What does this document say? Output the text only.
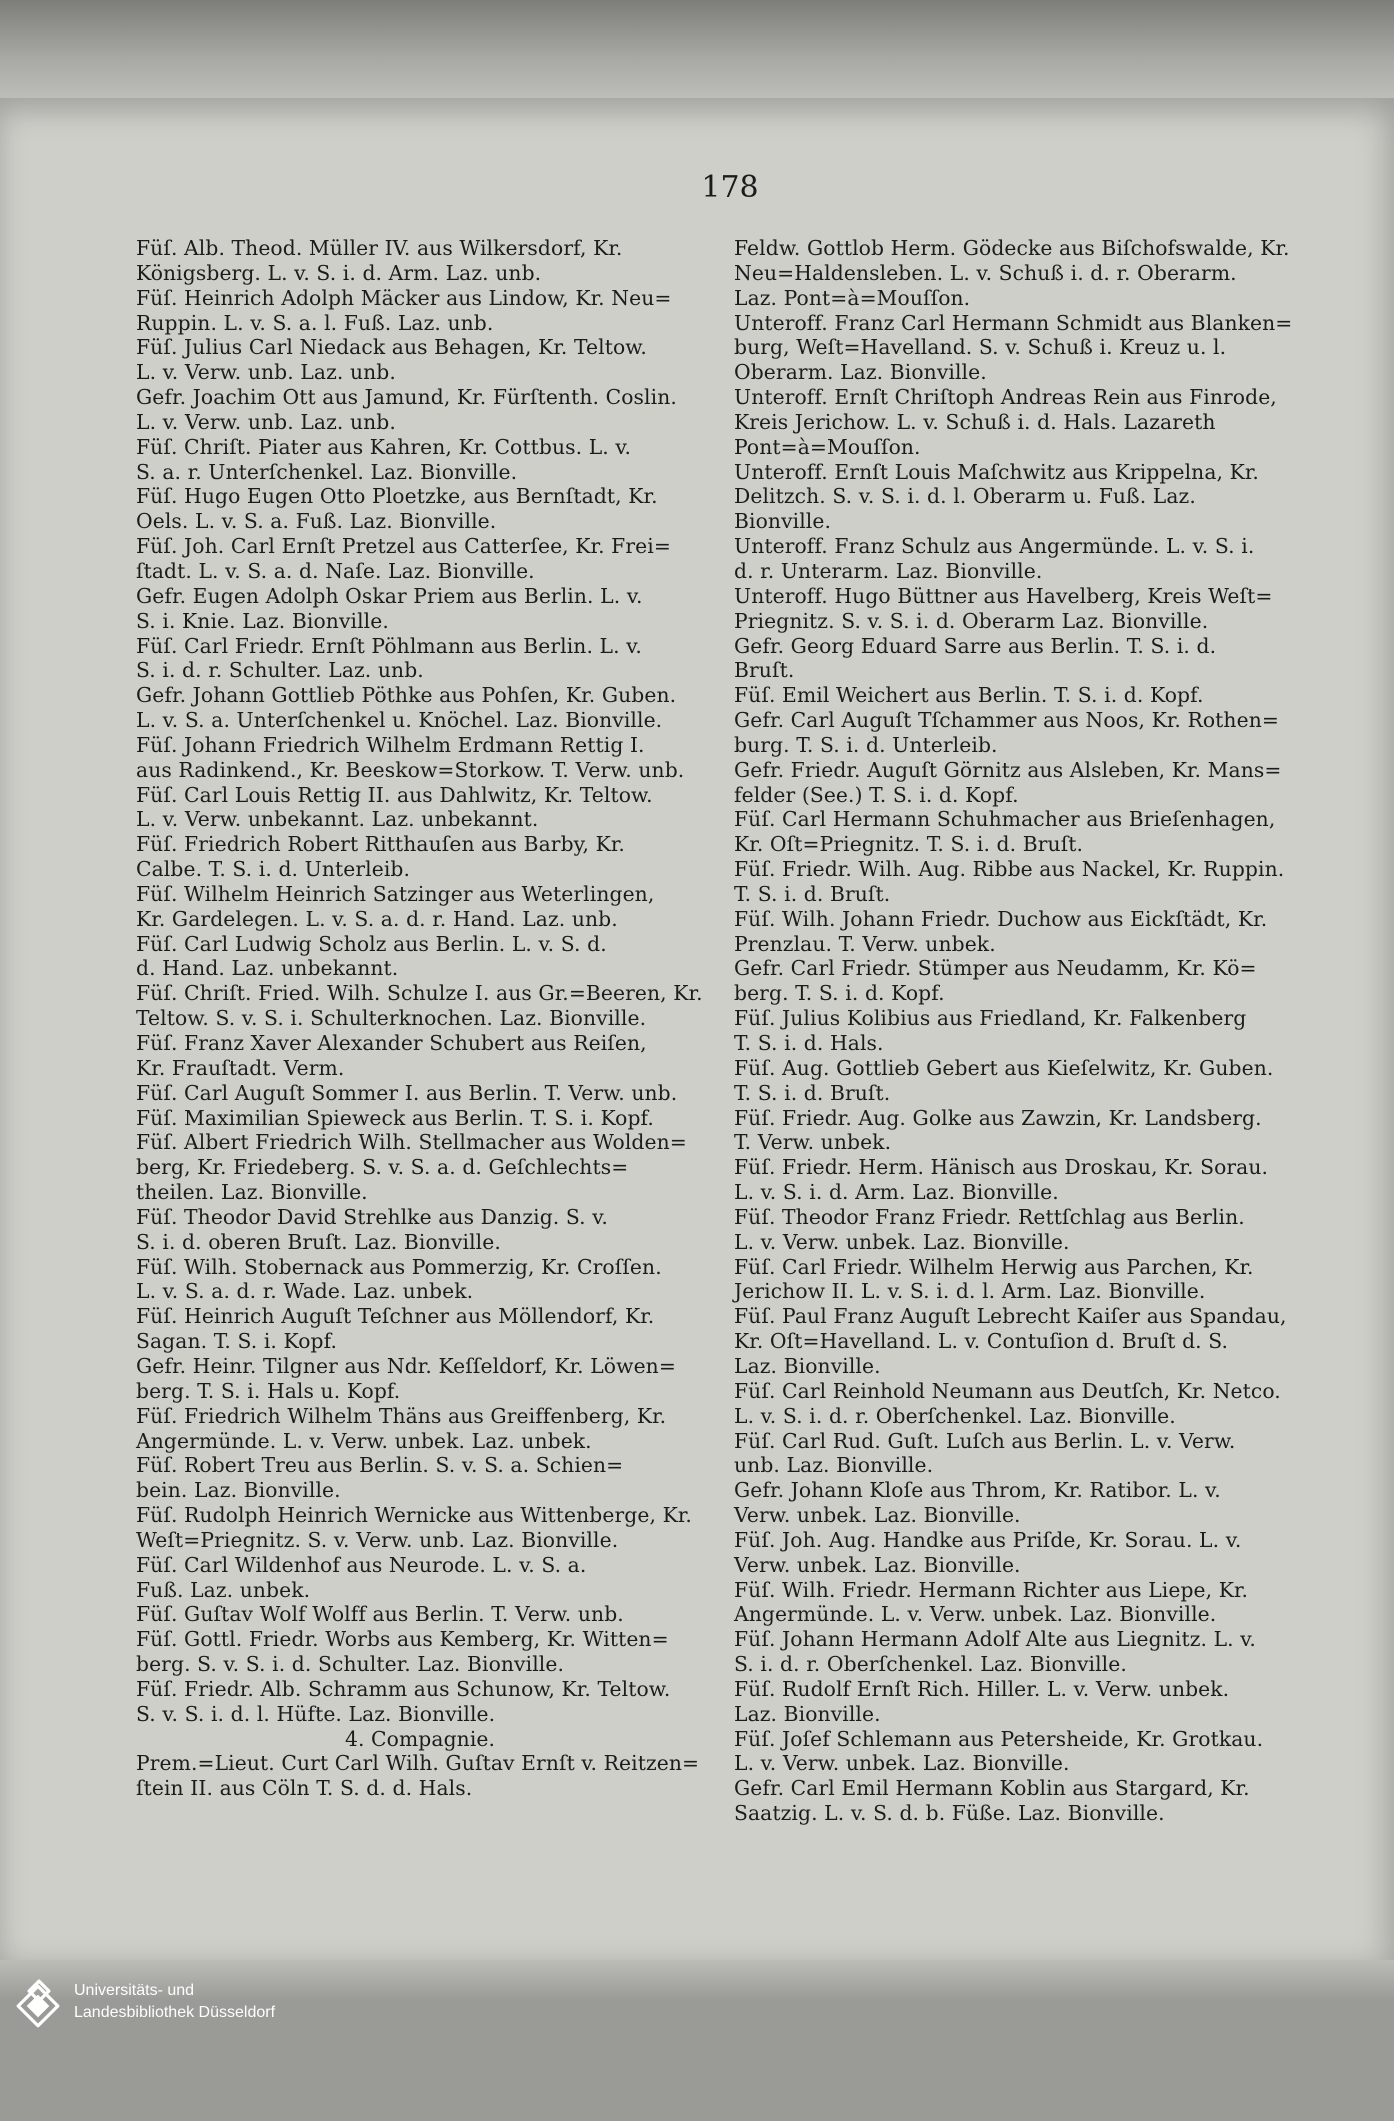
178
Füſ. Alb. Theod. Müller IV. aus Wilkersdorf, Kr.
Königsberg. L. v. S. i. d. Arm. Laz. unb.
Füſ. Heinrich Adolph Mäcker aus Lindow, Kr. Neu=
Ruppin. L. v. S. a. l. Fuß. Laz. unb.
Füſ. Julius Carl Niedack aus Behagen, Kr. Teltow.
L. v. Verw. unb. Laz. unb.
Gefr. Joachim Ott aus Jamund, Kr. Fürſtenth. Coslin.
L. v. Verw. unb. Laz. unb.
Füſ. Chriſt. Piater aus Kahren, Kr. Cottbus. L. v.
S. a. r. Unterſchenkel. Laz. Bionville.
Füſ. Hugo Eugen Otto Ploetzke, aus Bernſtadt, Kr.
Oels. L. v. S. a. Fuß. Laz. Bionville.
Füſ. Joh. Carl Ernſt Pretzel aus Catterſee, Kr. Frei=
ſtadt. L. v. S. a. d. Naſe. Laz. Bionville.
Gefr. Eugen Adolph Oskar Priem aus Berlin. L. v.
S. i. Knie. Laz. Bionville.
Füſ. Carl Friedr. Ernſt Pöhlmann aus Berlin. L. v.
S. i. d. r. Schulter. Laz. unb.
Gefr. Johann Gottlieb Pöthke aus Pohſen, Kr. Guben.
L. v. S. a. Unterſchenkel u. Knöchel. Laz. Bionville.
Füſ. Johann Friedrich Wilhelm Erdmann Rettig I.
aus Radinkend., Kr. Beeskow=Storkow. T. Verw. unb.
Füſ. Carl Louis Rettig II. aus Dahlwitz, Kr. Teltow.
L. v. Verw. unbekannt. Laz. unbekannt.
Füſ. Friedrich Robert Ritthauſen aus Barby, Kr.
Calbe. T. S. i. d. Unterleib.
Füſ. Wilhelm Heinrich Satzinger aus Weterlingen,
Kr. Gardelegen. L. v. S. a. d. r. Hand. Laz. unb.
Füſ. Carl Ludwig Scholz aus Berlin. L. v. S. d.
d. Hand. Laz. unbekannt.
Füſ. Chriſt. Fried. Wilh. Schulze I. aus Gr.=Beeren, Kr.
Teltow. S. v. S. i. Schulterknochen. Laz. Bionville.
Füſ. Franz Xaver Alexander Schubert aus Reiſen,
Kr. Frauſtadt. Verm.
Füſ. Carl Auguſt Sommer I. aus Berlin. T. Verw. unb.
Füſ. Maximilian Spieweck aus Berlin. T. S. i. Kopf.
Füſ. Albert Friedrich Wilh. Stellmacher aus Wolden=
berg, Kr. Friedeberg. S. v. S. a. d. Geſchlechts=
theilen. Laz. Bionville.
Füſ. Theodor David Strehlke aus Danzig. S. v.
S. i. d. oberen Bruſt. Laz. Bionville.
Füſ. Wilh. Stobernack aus Pommerzig, Kr. Croſſen.
L. v. S. a. d. r. Wade. Laz. unbek.
Füſ. Heinrich Auguſt Teſchner aus Möllendorf, Kr.
Sagan. T. S. i. Kopf.
Gefr. Heinr. Tilgner aus Ndr. Keſſeldorf, Kr. Löwen=
berg. T. S. i. Hals u. Kopf.
Füſ. Friedrich Wilhelm Thäns aus Greiffenberg, Kr.
Angermünde. L. v. Verw. unbek. Laz. unbek.
Füſ. Robert Treu aus Berlin. S. v. S. a. Schien=
bein. Laz. Bionville.
Füſ. Rudolph Heinrich Wernicke aus Wittenberge, Kr.
Weſt=Priegnitz. S. v. Verw. unb. Laz. Bionville.
Füſ. Carl Wildenhof aus Neurode. L. v. S. a.
Fuß. Laz. unbek.
Füſ. Guſtav Wolf Wolff aus Berlin. T. Verw. unb.
Füſ. Gottl. Friedr. Worbs aus Kemberg, Kr. Witten=
berg. S. v. S. i. d. Schulter. Laz. Bionville.
Füſ. Friedr. Alb. Schramm aus Schunow, Kr. Teltow.
S. v. S. i. d. l. Hüfte. Laz. Bionville.
4. Compagnie.
Prem.=Lieut. Curt Carl Wilh. Guſtav Ernſt v. Reitzen=
ſtein II. aus Cöln T. S. d. d. Hals.
Feldw. Gottlob Herm. Gödecke aus Biſchofswalde, Kr.
Neu=Haldensleben. L. v. Schuß i. d. r. Oberarm.
Laz. Pont=à=Mouſſon.
Unteroff. Franz Carl Hermann Schmidt aus Blanken=
burg, Weſt=Havelland. S. v. Schuß i. Kreuz u. l.
Oberarm. Laz. Bionville.
Unteroff. Ernſt Chriſtoph Andreas Rein aus Finrode,
Kreis Jerichow. L. v. Schuß i. d. Hals. Lazareth
Pont=à=Mouſſon.
Unteroff. Ernſt Louis Maſchwitz aus Krippelna, Kr.
Delitzch. S. v. S. i. d. l. Oberarm u. Fuß. Laz.
Bionville.
Unteroff. Franz Schulz aus Angermünde. L. v. S. i.
d. r. Unterarm. Laz. Bionville.
Unteroff. Hugo Büttner aus Havelberg, Kreis Weſt=
Priegnitz. S. v. S. i. d. Oberarm Laz. Bionville.
Gefr. Georg Eduard Sarre aus Berlin. T. S. i. d.
Bruſt.
Füſ. Emil Weichert aus Berlin. T. S. i. d. Kopf.
Gefr. Carl Auguſt Tſchammer aus Noos, Kr. Rothen=
burg. T. S. i. d. Unterleib.
Gefr. Friedr. Auguſt Görnitz aus Alsleben, Kr. Mans=
felder (See.) T. S. i. d. Kopf.
Füſ. Carl Hermann Schuhmacher aus Brieſenhagen,
Kr. Oſt=Priegnitz. T. S. i. d. Bruſt.
Füſ. Friedr. Wilh. Aug. Ribbe aus Nackel, Kr. Ruppin.
T. S. i. d. Bruſt.
Füſ. Wilh. Johann Friedr. Duchow aus Eickſtädt, Kr.
Prenzlau. T. Verw. unbek.
Gefr. Carl Friedr. Stümper aus Neudamm, Kr. Kö=
berg. T. S. i. d. Kopf.
Füſ. Julius Kolibius aus Friedland, Kr. Falkenberg
T. S. i. d. Hals.
Füſ. Aug. Gottlieb Gebert aus Kieſelwitz, Kr. Guben.
T. S. i. d. Bruſt.
Füſ. Friedr. Aug. Golke aus Zawzin, Kr. Landsberg.
T. Verw. unbek.
Füſ. Friedr. Herm. Hänisch aus Droskau, Kr. Sorau.
L. v. S. i. d. Arm. Laz. Bionville.
Füſ. Theodor Franz Friedr. Rettſchlag aus Berlin.
L. v. Verw. unbek. Laz. Bionville.
Füſ. Carl Friedr. Wilhelm Herwig aus Parchen, Kr.
Jerichow II. L. v. S. i. d. l. Arm. Laz. Bionville.
Füſ. Paul Franz Auguſt Lebrecht Kaiſer aus Spandau,
Kr. Oſt=Havelland. L. v. Contuſion d. Bruſt d. S.
Laz. Bionville.
Füſ. Carl Reinhold Neumann aus Deutſch, Kr. Netco.
L. v. S. i. d. r. Oberſchenkel. Laz. Bionville.
Füſ. Carl Rud. Guſt. Luſch aus Berlin. L. v. Verw.
unb. Laz. Bionville.
Gefr. Johann Kloſe aus Throm, Kr. Ratibor. L. v.
Verw. unbek. Laz. Bionville.
Füſ. Joh. Aug. Handke aus Priſde, Kr. Sorau. L. v.
Verw. unbek. Laz. Bionville.
Füſ. Wilh. Friedr. Hermann Richter aus Liepe, Kr.
Angermünde. L. v. Verw. unbek. Laz. Bionville.
Füſ. Johann Hermann Adolf Alte aus Liegnitz. L. v.
S. i. d. r. Oberſchenkel. Laz. Bionville.
Füſ. Rudolf Ernſt Rich. Hiller. L. v. Verw. unbek.
Laz. Bionville.
Füſ. Joſef Schlemann aus Petersheide, Kr. Grotkau.
L. v. Verw. unbek. Laz. Bionville.
Gefr. Carl Emil Hermann Koblin aus Stargard, Kr.
Saatzig. L. v. S. d. b. Füße. Laz. Bionville.
Universitäts- und
Landesbibliothek Düsseldorf
